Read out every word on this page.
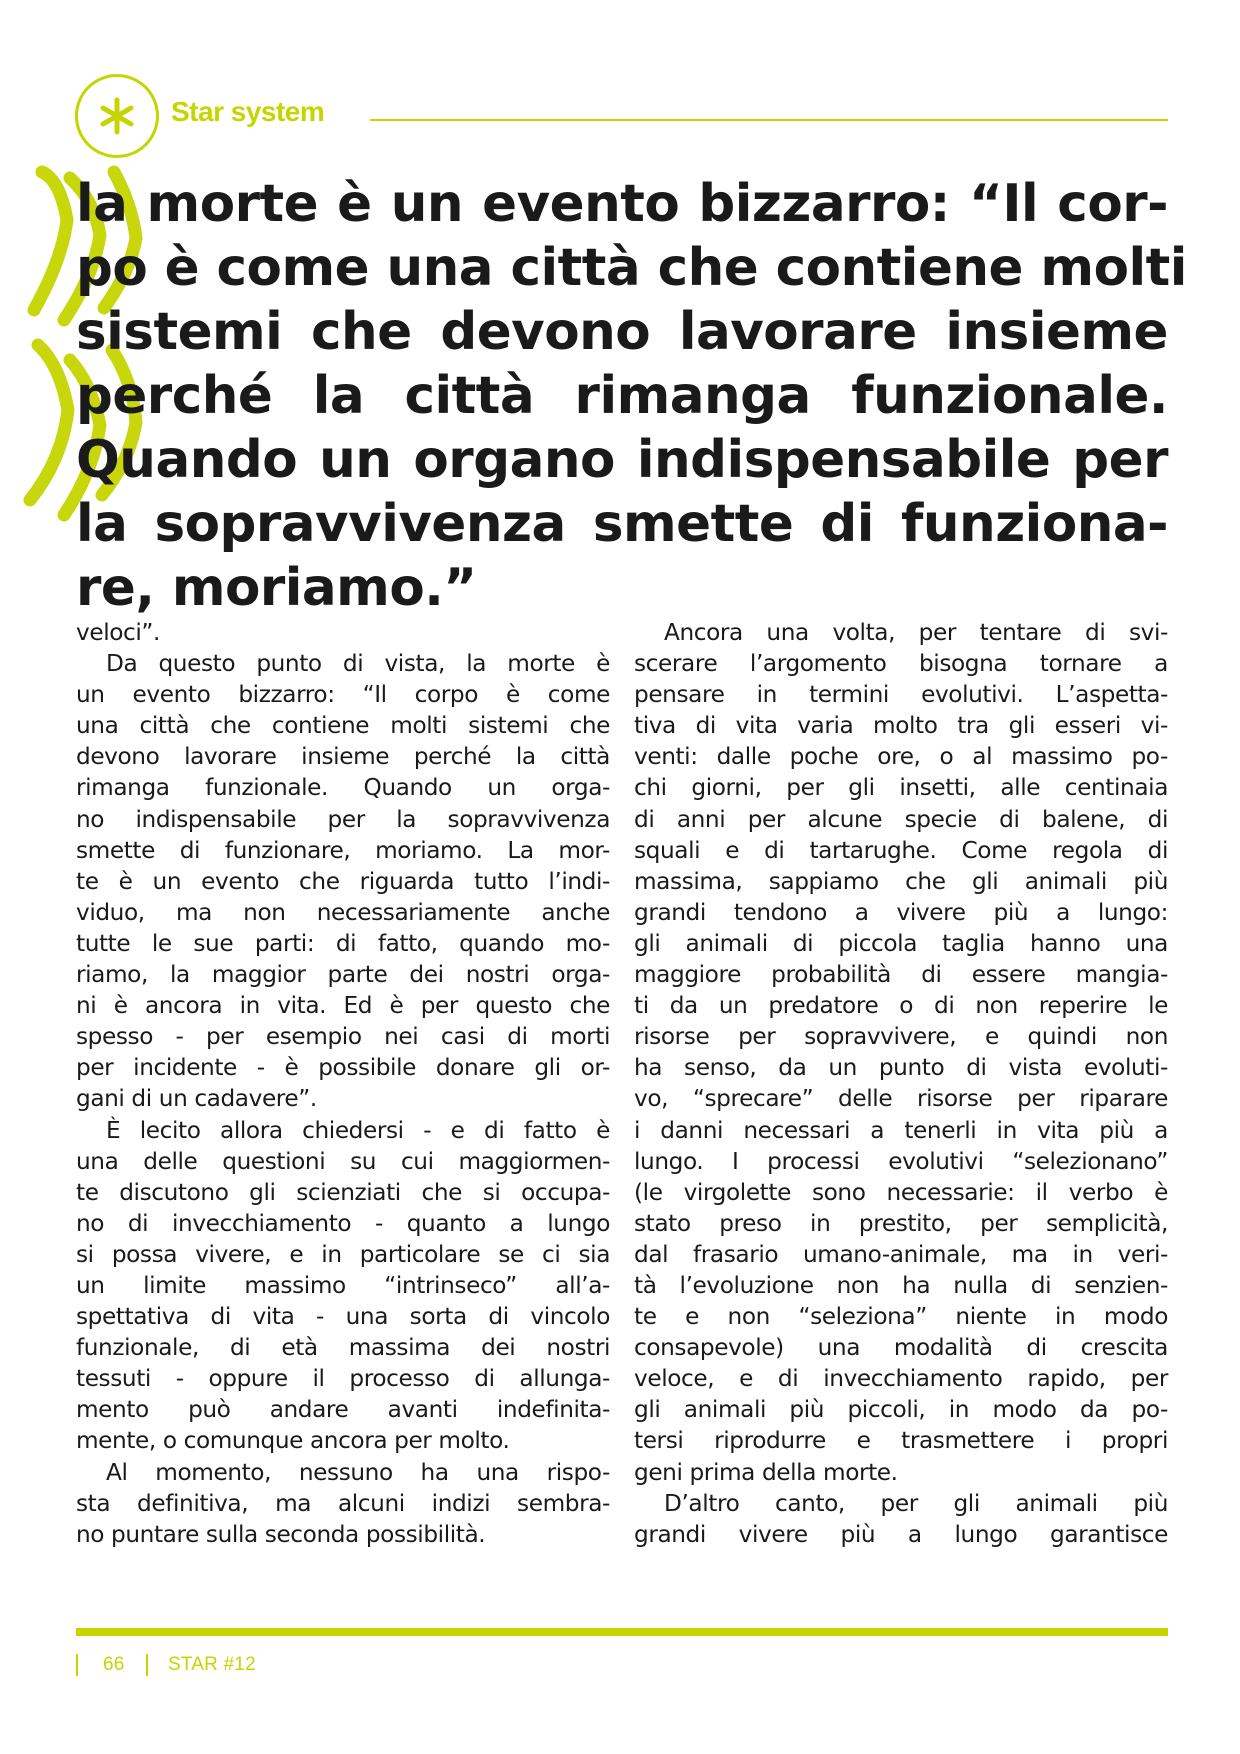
Star system
la morte è un evento bizzarro: “Il cor-
po è come una città che contiene molti
sistemi che devono lavorare insieme
perché la città rimanga funzionale.
Quando un organo indispensabile per
la sopravvivenza smette di funziona-
re, moriamo.”
veloci”.
Da questo punto di vista, la morte è
un evento bizzarro: “Il corpo è come
una città che contiene molti sistemi che
devono lavorare insieme perché la città
rimanga funzionale. Quando un orga-
no indispensabile per la sopravvivenza
smette di funzionare, moriamo. La mor-
te è un evento che riguarda tutto l’indi-
viduo, ma non necessariamente anche
tutte le sue parti: di fatto, quando mo-
riamo, la maggior parte dei nostri orga-
ni è ancora in vita. Ed è per questo che
spesso - per esempio nei casi di morti
per incidente - è possibile donare gli or-
gani di un cadavere”.
È lecito allora chiedersi - e di fatto è
una delle questioni su cui maggiormen-
te discutono gli scienziati che si occupa-
no di invecchiamento - quanto a lungo
si possa vivere, e in particolare se ci sia
un limite massimo “intrinseco” all’a-
spettativa di vita - una sorta di vincolo
funzionale, di età massima dei nostri
tessuti - oppure il processo di allunga-
mento può andare avanti indefinita-
mente, o comunque ancora per molto.
Al momento, nessuno ha una rispo-
sta definitiva, ma alcuni indizi sembra-
no puntare sulla seconda possibilità.
Ancora una volta, per tentare di svi-
scerare l’argomento bisogna tornare a
pensare in termini evolutivi. L’aspetta-
tiva di vita varia molto tra gli esseri vi-
venti: dalle poche ore, o al massimo po-
chi giorni, per gli insetti, alle centinaia
di anni per alcune specie di balene, di
squali e di tartarughe. Come regola di
massima, sappiamo che gli animali più
grandi tendono a vivere più a lungo:
gli animali di piccola taglia hanno una
maggiore probabilità di essere mangia-
ti da un predatore o di non reperire le
risorse per sopravvivere, e quindi non
ha senso, da un punto di vista evoluti-
vo, “sprecare” delle risorse per riparare
i danni necessari a tenerli in vita più a
lungo. I processi evolutivi “selezionano”
(le virgolette sono necessarie: il verbo è
stato preso in prestito, per semplicità,
dal frasario umano-animale, ma in veri-
tà l’evoluzione non ha nulla di senzien-
te e non “seleziona” niente in modo
consapevole) una modalità di crescita
veloce, e di invecchiamento rapido, per
gli animali più piccoli, in modo da po-
tersi riprodurre e trasmettere i propri
geni prima della morte.
D’altro canto, per gli animali più
grandi vivere più a lungo garantisce
66 STAR #12
